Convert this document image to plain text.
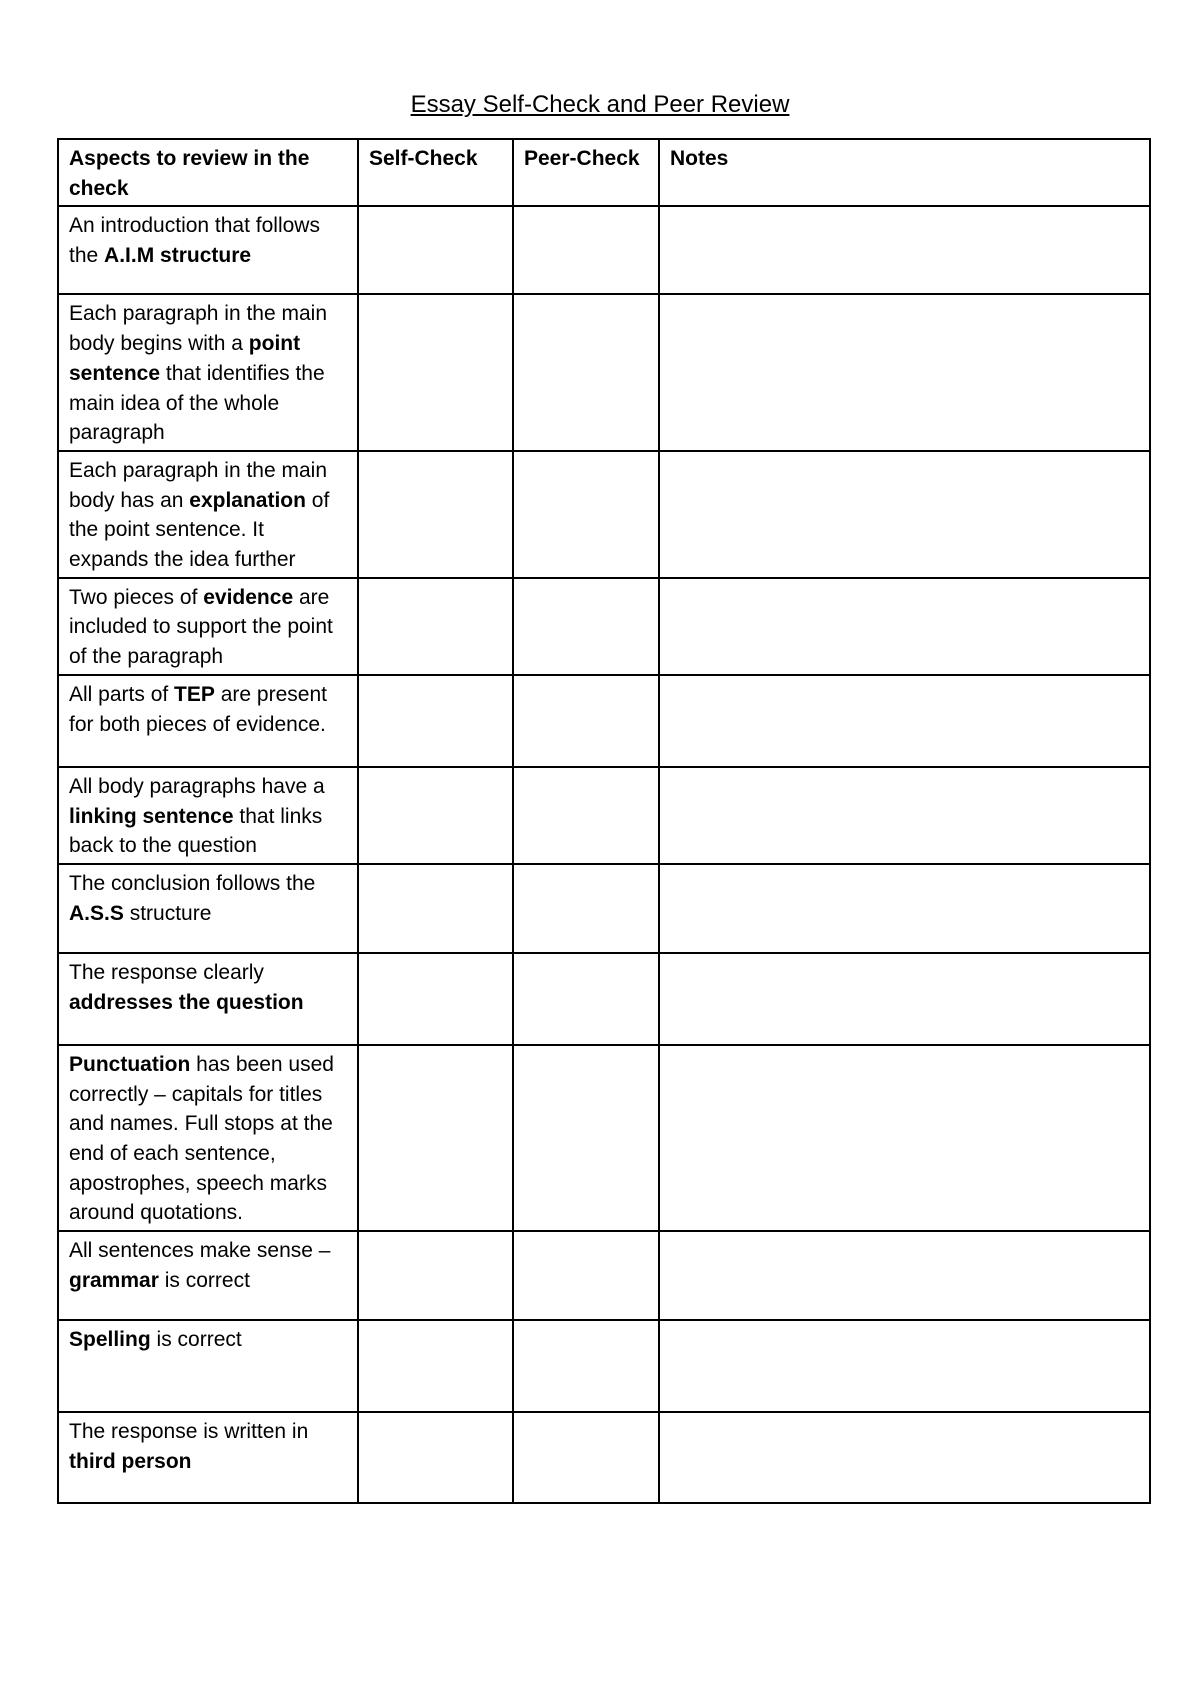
Essay Self-Check and Peer Review
Aspects to review in the check	Self-Check	Peer-Check	Notes
An introduction that follows the A.I.M structure			
Each paragraph in the main body begins with a point sentence that identifies the main idea of the whole paragraph			
Each paragraph in the main body has an explanation of the point sentence. It expands the idea further			
Two pieces of evidence are included to support the point of the paragraph			
All parts of TEP are present for both pieces of evidence.			
All body paragraphs have a linking sentence that links back to the question			
The conclusion follows the A.S.S structure			
The response clearly addresses the question			
Punctuation has been used correctly – capitals for titles and names. Full stops at the end of each sentence, apostrophes, speech marks around quotations.			
All sentences make sense – grammar is correct			
Spelling is correct			
The response is written in third person			
